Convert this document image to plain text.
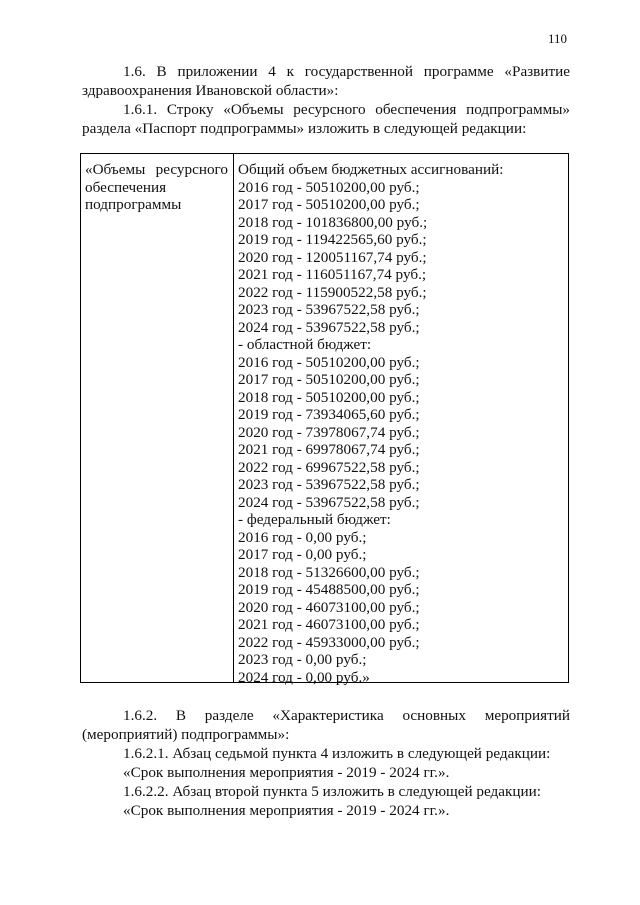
110
1.6. В приложении 4 к государственной программе «Развитие
здравоохранения Ивановской области»:
1.6.1. Строку «Объемы ресурсного обеспечения подпрограммы»
раздела «Паспорт подпрограммы» изложить в следующей редакции:
«Объемы ресурсного
обеспечения
подпрограммы
Общий объем бюджетных ассигнований:
2016 год - 50510200,00 руб.;
2017 год - 50510200,00 руб.;
2018 год - 101836800,00 руб.;
2019 год - 119422565,60 руб.;
2020 год - 120051167,74 руб.;
2021 год - 116051167,74 руб.;
2022 год - 115900522,58 руб.;
2023 год - 53967522,58 руб.;
2024 год - 53967522,58 руб.;
- областной бюджет:
2016 год - 50510200,00 руб.;
2017 год - 50510200,00 руб.;
2018 год - 50510200,00 руб.;
2019 год - 73934065,60 руб.;
2020 год - 73978067,74 руб.;
2021 год - 69978067,74 руб.;
2022 год - 69967522,58 руб.;
2023 год - 53967522,58 руб.;
2024 год - 53967522,58 руб.;
- федеральный бюджет:
2016 год - 0,00 руб.;
2017 год - 0,00 руб.;
2018 год - 51326600,00 руб.;
2019 год - 45488500,00 руб.;
2020 год - 46073100,00 руб.;
2021 год - 46073100,00 руб.;
2022 год - 45933000,00 руб.;
2023 год - 0,00 руб.;
2024 год - 0,00 руб.»
1.6.2. В разделе «Характеристика основных мероприятий
(мероприятий) подпрограммы»:
1.6.2.1. Абзац седьмой пункта 4 изложить в следующей редакции:
«Срок выполнения мероприятия - 2019 - 2024 гг.».
1.6.2.2. Абзац второй пункта 5 изложить в следующей редакции:
«Срок выполнения мероприятия - 2019 - 2024 гг.».
